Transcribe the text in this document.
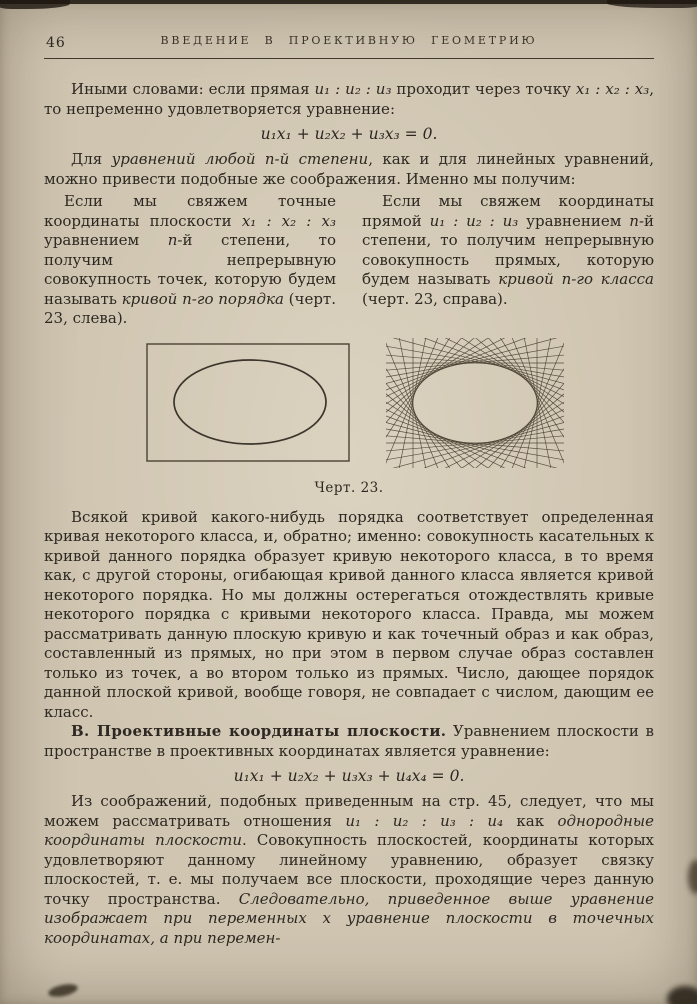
46	ВВЕДЕНИЕ В ПРОЕКТИВНУЮ ГЕОМЕТРИЮ

Иными словами: если прямая u₁ : u₂ : u₃ проходит через точку x₁ : x₂ : x₃, то непременно удовлетворяется уравнение:

u₁x₁ + u₂x₂ + u₃x₃ = 0.

Для уравнений любой n-й степени, как и для линейных уравнений, можно привести подобные же соображения. Именно мы получим:

Если мы свяжем точные координаты плоскости x₁ : x₂ : x₃ уравнением n-й степени, то получим непрерывную совокупность точек, которую будем называть кривой n-го порядка (черт. 23, слева).

Если мы свяжем координаты прямой u₁ : u₂ : u₃ уравнением n-й степени, то получим непрерывную совокупность прямых, которую будем называть кривой n-го класса (черт. 23, справа).

Черт. 23.

Всякой кривой какого-нибудь порядка соответствует определенная кривая некоторого класса, и, обратно; именно: совокупность касательных к кривой данного порядка образует кривую некоторого класса, в то время как, с другой стороны, огибающая кривой данного класса является кривой некоторого порядка. Но мы должны остерегаться отождествлять кривые некоторого порядка с кривыми некоторого класса. Правда, мы можем рассматривать данную плоскую кривую и как точечный образ и как образ, составленный из прямых, но при этом в первом случае образ составлен только из точек, а во втором только из прямых. Число, дающее порядок данной плоской кривой, вообще говоря, не совпадает с числом, дающим ее класс.

В. Проективные координаты плоскости. Уравнением плоскости в пространстве в проективных координатах является уравнение:

u₁x₁ + u₂x₂ + u₃x₃ + u₄x₄ = 0.

Из соображений, подобных приведенным на стр. 45, следует, что мы можем рассматривать отношения u₁ : u₂ : u₃ : u₄ как однородные координаты плоскости. Совокупность плоскостей, координаты которых удовлетворяют данному линейному уравнению, образует связку плоскостей, т. е. мы получаем все плоскости, проходящие через данную точку пространства. Следовательно, приведенное выше уравнение изображает при переменных x уравнение плоскости в точечных координатах, а при перемен-
